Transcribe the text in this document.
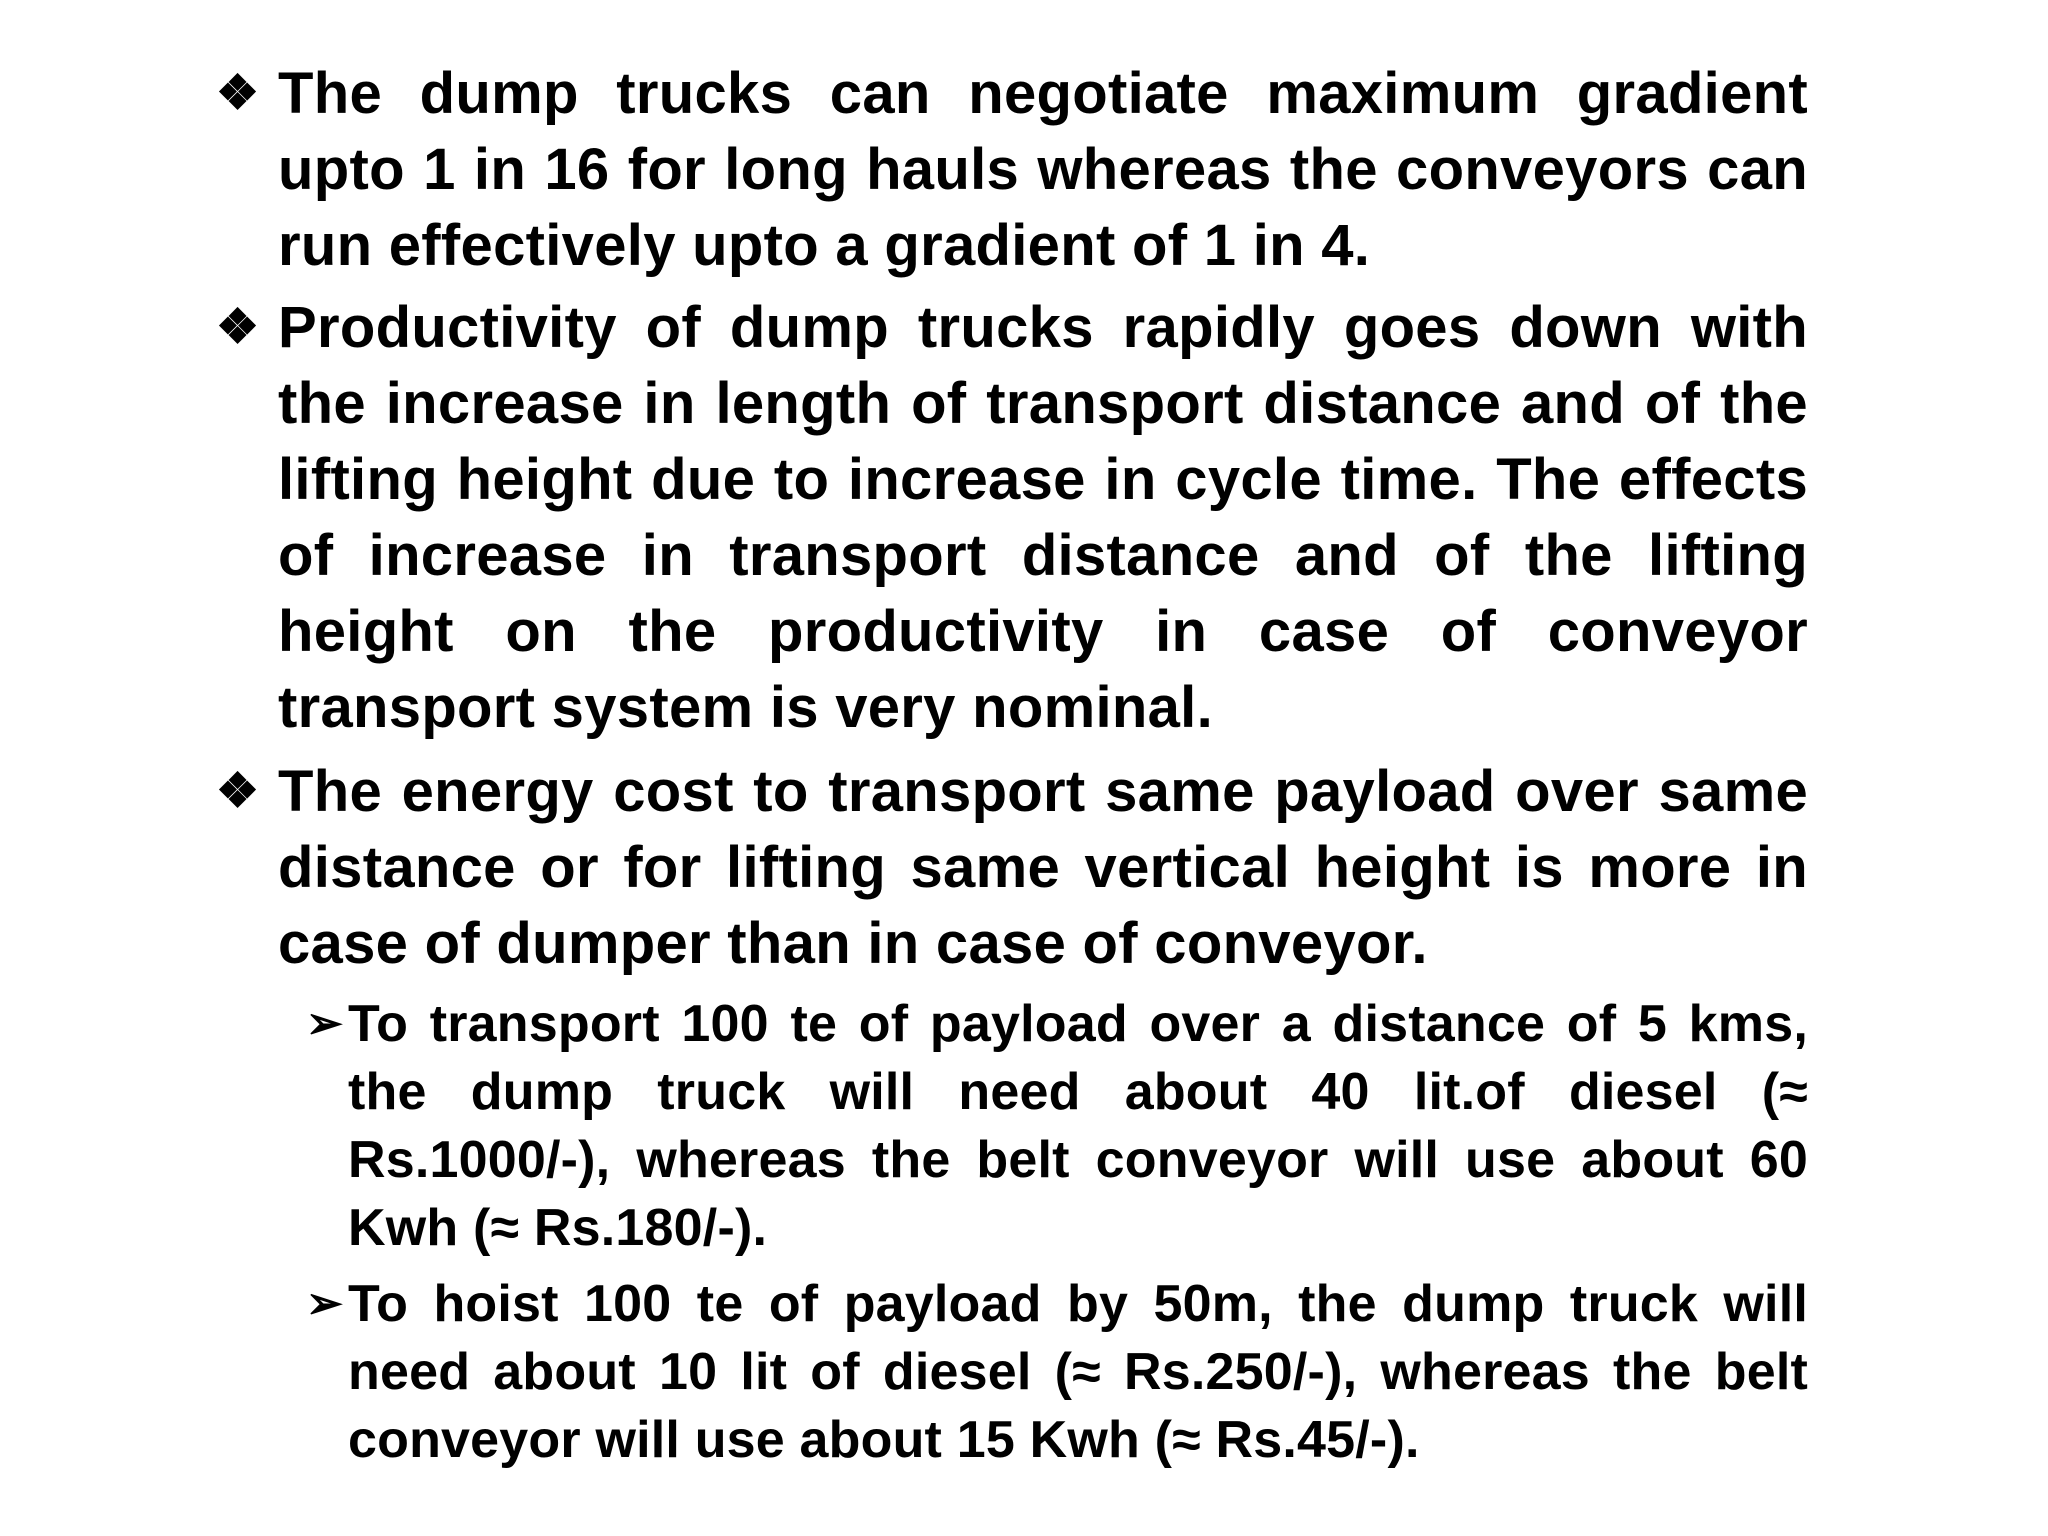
❖ The dump trucks can negotiate maximum gradient upto 1 in 16 for long hauls whereas the conveyors can run effectively upto a gradient of 1 in 4.
❖ Productivity of dump trucks rapidly goes down with the increase in length of transport distance and of the lifting height due to increase in cycle time. The effects of increase in transport distance and of the lifting height on the productivity in case of conveyor transport system is very nominal.
❖ The energy cost to transport same payload over same distance or for lifting same vertical height is more in case of dumper than in case of conveyor.
➢ To transport 100 te of payload over a distance of 5 kms, the dump truck will need about 40 lit.of diesel (≈ Rs.1000/-), whereas the belt conveyor will use about 60 Kwh (≈ Rs.180/-).
➢ To hoist 100 te of payload by 50m, the dump truck will need about 10 lit of diesel (≈ Rs.250/-), whereas the belt conveyor will use about 15 Kwh (≈ Rs.45/-).
